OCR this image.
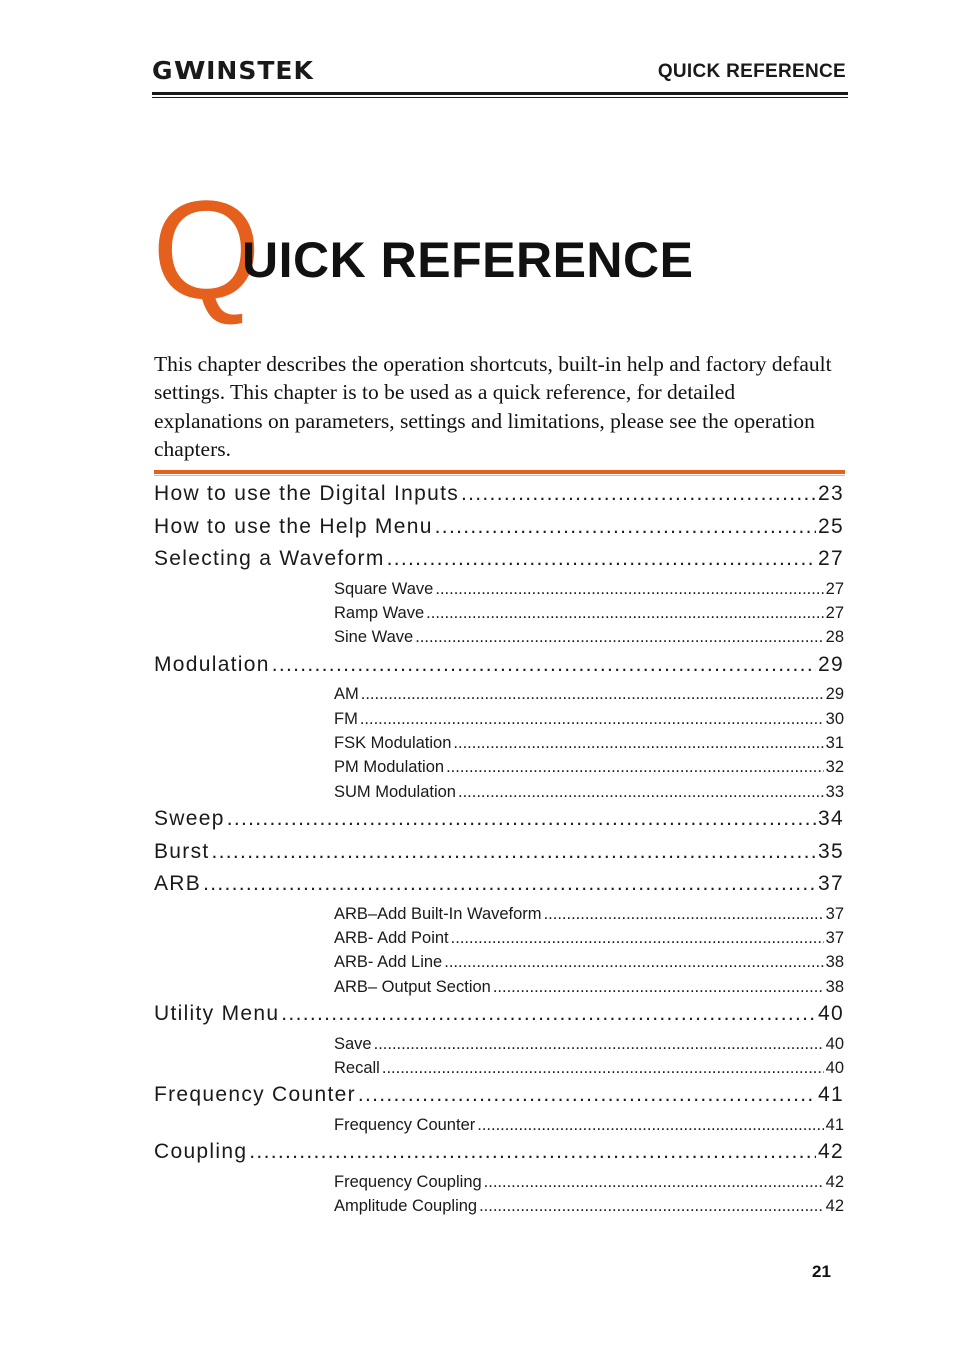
GWINSTEK	QUICK REFERENCE
Q
UICK REFERENCE
This chapter describes the operation shortcuts, built-in help and factory default settings. This chapter is to be used as a quick reference, for detailed explanations on parameters, settings and limitations, please see the operation chapters.
How to use the Digital Inputs .....	23
How to use the Help Menu .....	25
Selecting a Waveform .....	27
Square Wave .....	27
Ramp Wave .....	27
Sine Wave .....	28
Modulation .....	29
AM .....	29
FM .....	30
FSK Modulation .....	31
PM Modulation .....	32
SUM Modulation .....	33
Sweep .....	34
Burst .....	35
ARB .....	37
ARB–Add Built-In Waveform .....	37
ARB- Add Point .....	37
ARB- Add Line .....	38
ARB– Output Section .....	38
Utility Menu .....	40
Save .....	40
Recall .....	40
Frequency Counter .....	41
Frequency Counter .....	41
Coupling .....	42
Frequency Coupling .....	42
Amplitude Coupling .....	42
21
